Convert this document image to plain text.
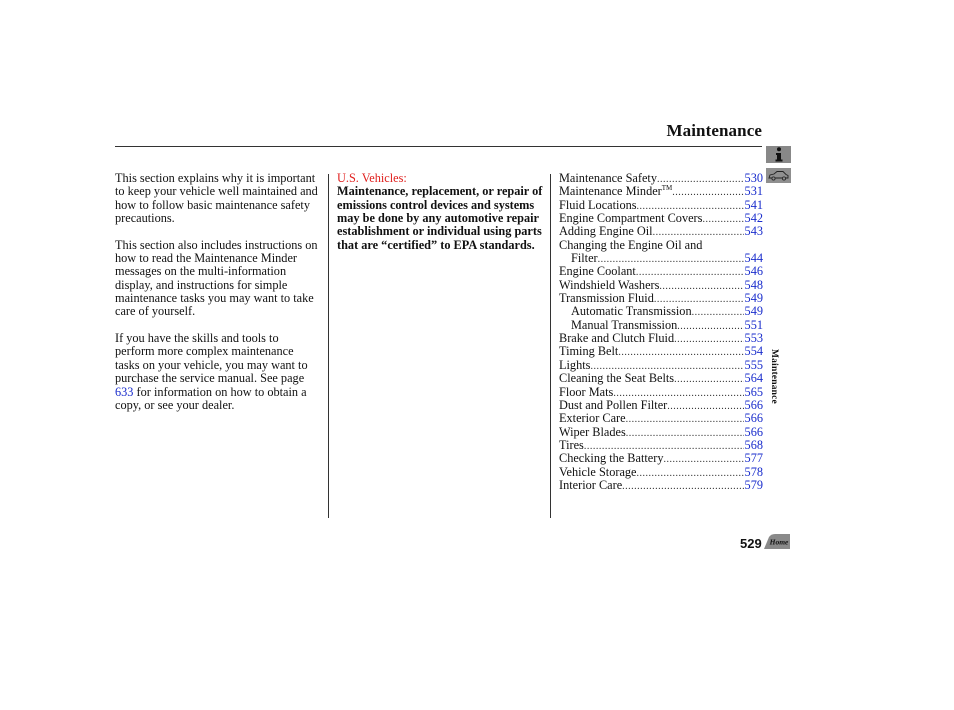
Maintenance

This section explains why it is important to keep your vehicle well maintained and how to follow basic maintenance safety precautions.

This section also includes instructions on how to read the Maintenance Minder messages on the multi-information display, and instructions for simple maintenance tasks you may want to take care of yourself.

If you have the skills and tools to perform more complex maintenance tasks on your vehicle, you may want to purchase the service manual. See page 633 for information on how to obtain a copy, or see your dealer.

U.S. Vehicles:
Maintenance, replacement, or repair of emissions control devices and systems may be done by any automotive repair establishment or individual using parts that are “certified” to EPA standards.
Maintenance Safety .....	530
Maintenance Minder™ .....	531
Fluid Locations .....	541
Engine Compartment Covers .....	542
Adding Engine Oil .....	543
Changing the Engine Oil and
Filter .....	544
Engine Coolant .....	546
Windshield Washers .....	548
Transmission Fluid .....	549
Automatic Transmission .....	549
Manual Transmission .....	551
Brake and Clutch Fluid .....	553
Timing Belt .....	554
Lights .....	555
Cleaning the Seat Belts .....	564
Floor Mats .....	565
Dust and Pollen Filter .....	566
Exterior Care .....	566
Wiper Blades .....	566
Tires .....	568
Checking the Battery .....	577
Vehicle Storage .....	578
Interior Care .....	579
Maintenance
529 Home
